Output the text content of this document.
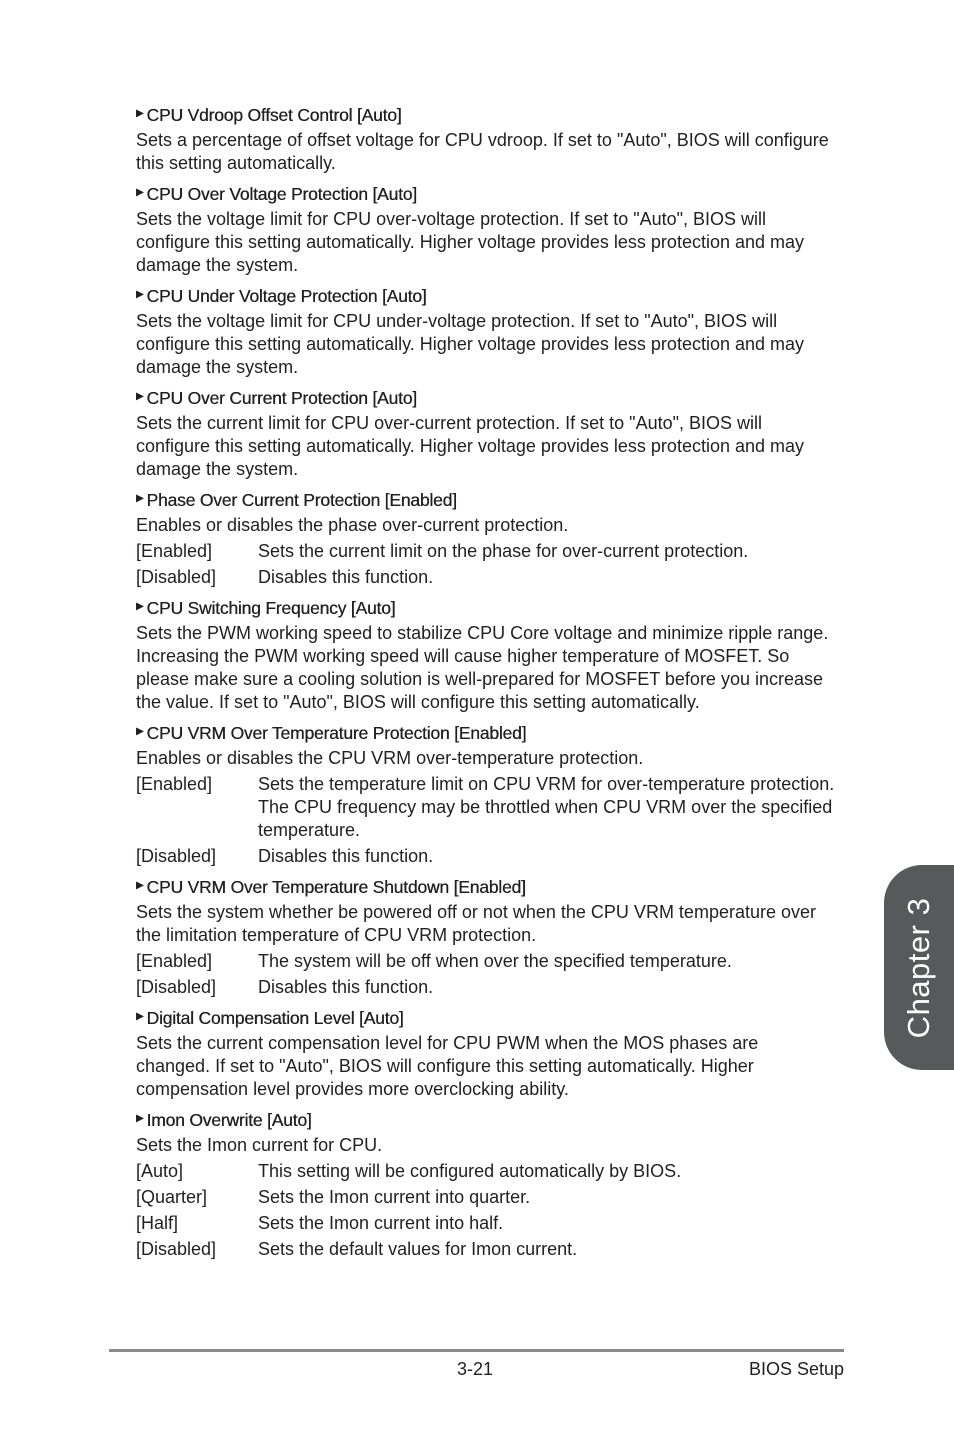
▶ CPU Vdroop Offset Control [Auto]
Sets a percentage of offset voltage for CPU vdroop. If set to "Auto", BIOS will configure this setting automatically.
▶ CPU Over Voltage Protection [Auto]
Sets the voltage limit for CPU over-voltage protection. If set to "Auto", BIOS will configure this setting automatically. Higher voltage provides less protection and may damage the system.
▶ CPU Under Voltage Protection [Auto]
Sets the voltage limit for CPU under-voltage protection. If set to "Auto", BIOS will configure this setting automatically. Higher voltage provides less protection and may damage the system.
▶ CPU Over Current Protection [Auto]
Sets the current limit for CPU over-current protection. If set to "Auto", BIOS will configure this setting automatically. Higher voltage provides less protection and may damage the system.
▶ Phase Over Current Protection [Enabled]
Enables or disables the phase over-current protection.
[Enabled]	Sets the current limit on the phase for over-current protection.
[Disabled]	Disables this function.
▶ CPU Switching Frequency [Auto]
Sets the PWM working speed to stabilize CPU Core voltage and minimize ripple range. Increasing the PWM working speed will cause higher temperature of MOSFET. So please make sure a cooling solution is well-prepared for MOSFET before you increase the value. If set to "Auto", BIOS will configure this setting automatically.
▶ CPU VRM Over Temperature Protection [Enabled]
Enables or disables the CPU VRM over-temperature protection.
[Enabled]	Sets the temperature limit on CPU VRM for over-temperature protection. The CPU frequency may be throttled when CPU VRM over the specified temperature.
[Disabled]	Disables this function.
▶ CPU VRM Over Temperature Shutdown [Enabled]
Sets the system whether be powered off or not when the CPU VRM temperature over the limitation temperature of CPU VRM protection.
[Enabled]	The system will be off when over the specified temperature.
[Disabled]	Disables this function.
▶ Digital Compensation Level [Auto]
Sets the current compensation level for CPU PWM when the MOS phases are changed. If set to "Auto", BIOS will configure this setting automatically. Higher compensation level provides more overclocking ability.
▶ Imon Overwrite [Auto]
Sets the Imon current for CPU.
[Auto]	This setting will be configured automatically by BIOS.
[Quarter]	Sets the Imon current into quarter.
[Half]	Sets the Imon current into half.
[Disabled]	Sets the default values for Imon current.
3-21	BIOS Setup
Chapter 3
